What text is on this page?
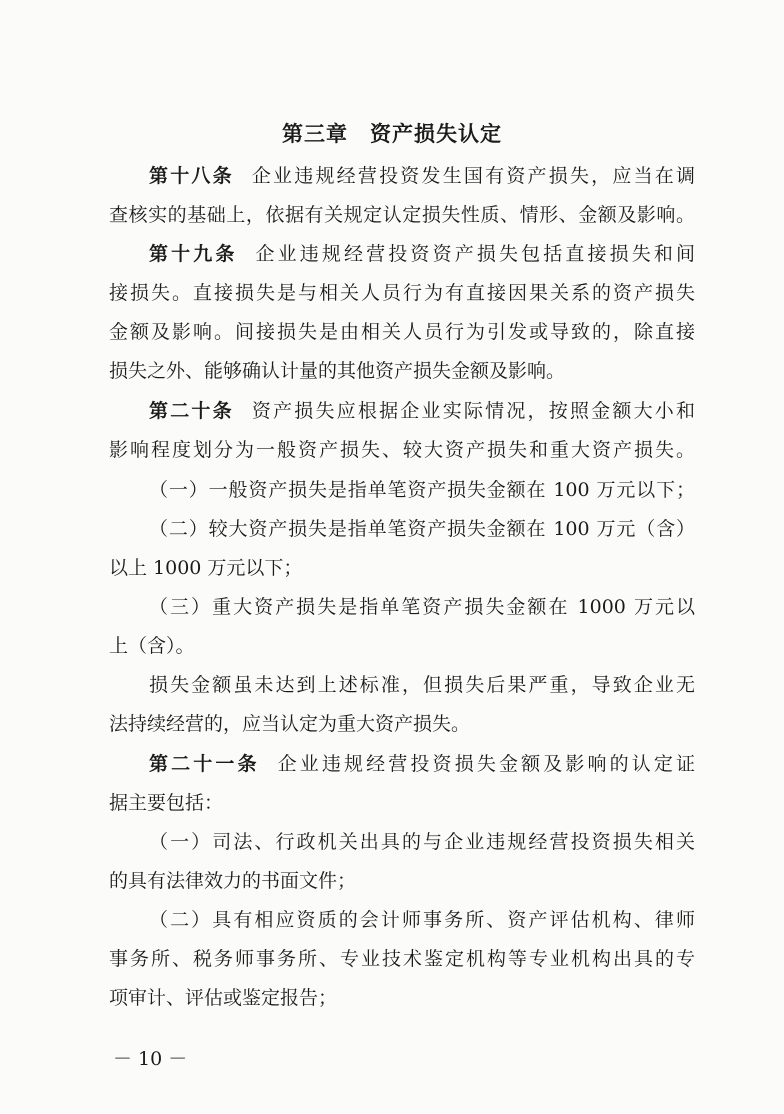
第三章 资产损失认定
第十八条 企业违规经营投资发生国有资产损失，应当在调
查核实的基础上，依据有关规定认定损失性质、情形、金额及影响。
第十九条 企业违规经营投资资产损失包括直接损失和间
接损失。直接损失是与相关人员行为有直接因果关系的资产损失
金额及影响。间接损失是由相关人员行为引发或导致的，除直接
损失之外、能够确认计量的其他资产损失金额及影响。
第二十条 资产损失应根据企业实际情况，按照金额大小和
影响程度划分为一般资产损失、较大资产损失和重大资产损失。
（一）一般资产损失是指单笔资产损失金额在 100 万元以下；
（二）较大资产损失是指单笔资产损失金额在 100 万元（含）
以上 1000 万元以下；
（三）重大资产损失是指单笔资产损失金额在 1000 万元以
上（含）。
损失金额虽未达到上述标准，但损失后果严重，导致企业无
法持续经营的，应当认定为重大资产损失。
第二十一条 企业违规经营投资损失金额及影响的认定证
据主要包括：
（一）司法、行政机关出具的与企业违规经营投资损失相关
的具有法律效力的书面文件；
（二）具有相应资质的会计师事务所、资产评估机构、律师
事务所、税务师事务所、专业技术鉴定机构等专业机构出具的专
项审计、评估或鉴定报告；
－ 10 －
